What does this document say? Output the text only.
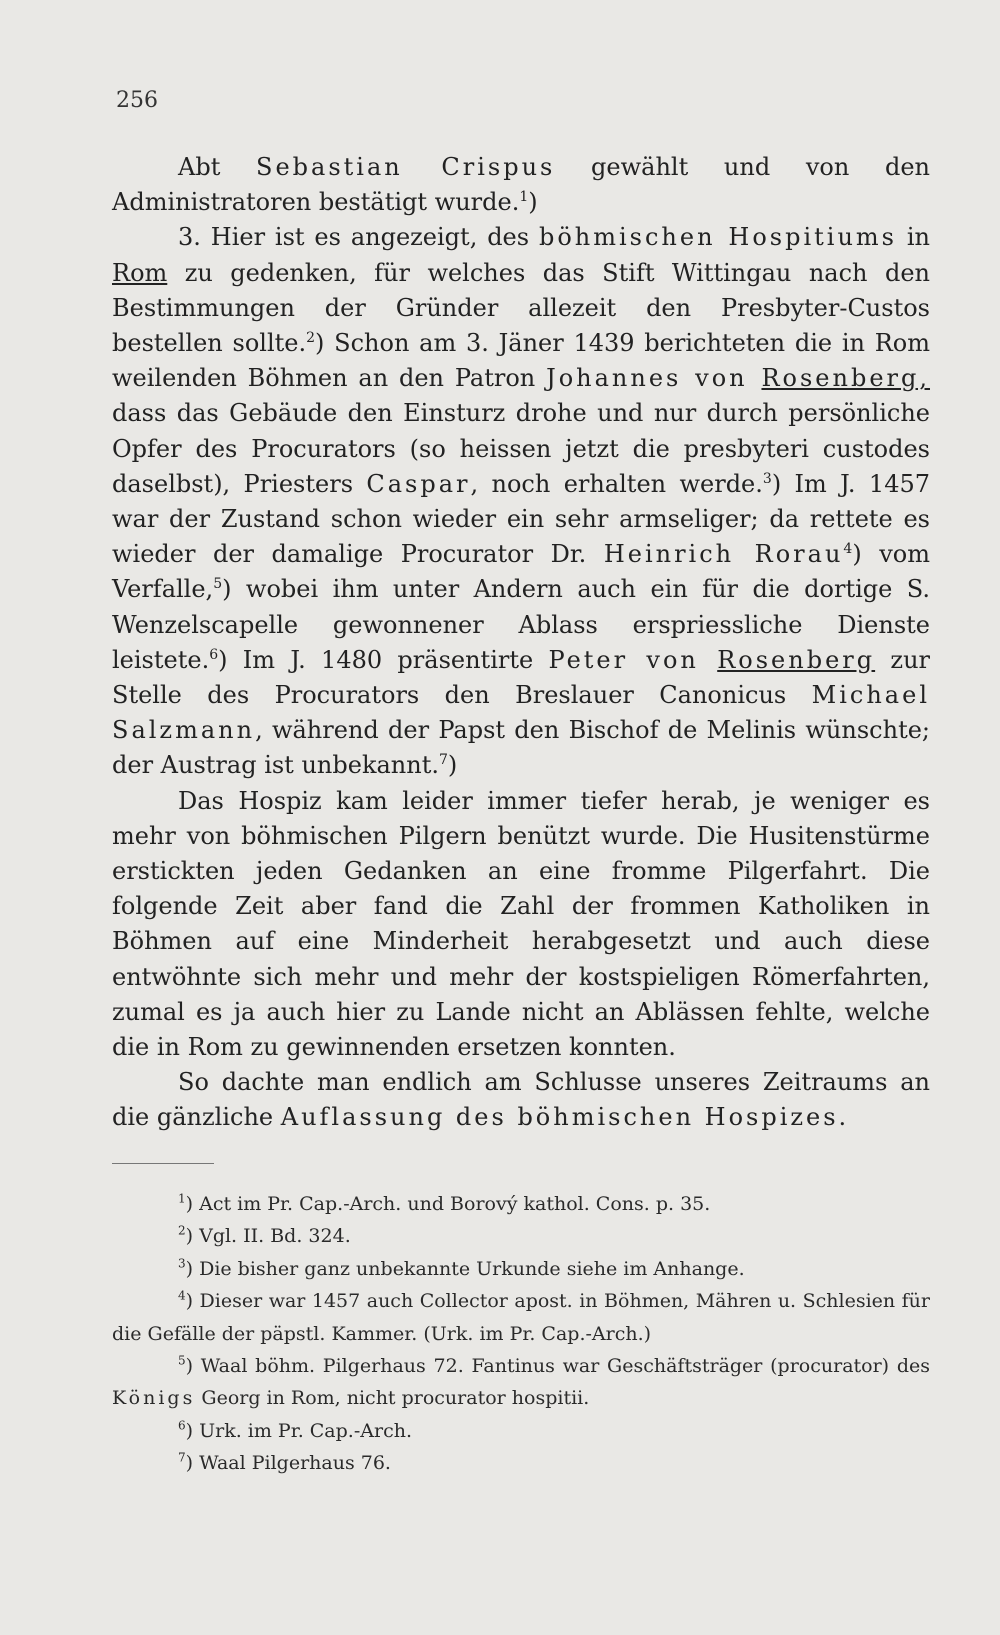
256

Abt Sebastian Crispus gewählt und von den Administratoren bestätigt wurde.$^1$)

3. Hier ist es angezeigt, des böhmischen Hospitiums in Rom zu gedenken, für welches das Stift Wittingau nach den Bestimmungen der Gründer allezeit den Presbyter-Custos bestellen sollte.$^2$) Schon am 3. Jäner 1439 berichteten die in Rom weilenden Böhmen an den Patron Johannes von Rosenberg, dass das Gebäude den Einsturz drohe und nur durch persönliche Opfer des Procurators (so heissen jetzt die presbyteri custodes daselbst), Priesters Caspar, noch erhalten werde.$^3$) Im J. 1457 war der Zustand schon wieder ein sehr armseliger; da rettete es wieder der damalige Procurator Dr. Heinrich Rorau$^4$) vom Verfalle,$^5$) wobei ihm unter Andern auch ein für die dortige S. Wenzelscapelle gewonnener Ablass erspriessliche Dienste leistete.$^6$) Im J. 1480 präsentirte Peter von Rosenberg zur Stelle des Procurators den Breslauer Canonicus Michael Salzmann, während der Papst den Bischof de Melinis wünschte; der Austrag ist unbekannt.$^7$)

Das Hospiz kam leider immer tiefer herab, je weniger es mehr von böhmischen Pilgern benützt wurde. Die Husitenstürme erstickten jeden Gedanken an eine fromme Pilgerfahrt. Die folgende Zeit aber fand die Zahl der frommen Katholiken in Böhmen auf eine Minderheit herabgesetzt und auch diese entwöhnte sich mehr und mehr der kostspieligen Römerfahrten, zumal es ja auch hier zu Lande nicht an Ablässen fehlte, welche die in Rom zu gewinnenden ersetzen konnten.

So dachte man endlich am Schlusse unseres Zeitraums an die gänzliche Auflassung des böhmischen Hospizes.

$^1$) Act im Pr. Cap.-Arch. und Borový kathol. Cons. p. 35.

$^2$) Vgl. II. Bd. 324.

$^3$) Die bisher ganz unbekannte Urkunde siehe im Anhange.

$^4$) Dieser war 1457 auch Collector apost. in Böhmen, Mähren u. Schlesien für die Gefälle der päpstl. Kammer. (Urk. im Pr. Cap.-Arch.)

$^5$) Waal böhm. Pilgerhaus 72. Fantinus war Geschäftsträger (procurator) des Königs Georg in Rom, nicht procurator hospitii.

$^6$) Urk. im Pr. Cap.-Arch.

$^7$) Waal Pilgerhaus 76.
